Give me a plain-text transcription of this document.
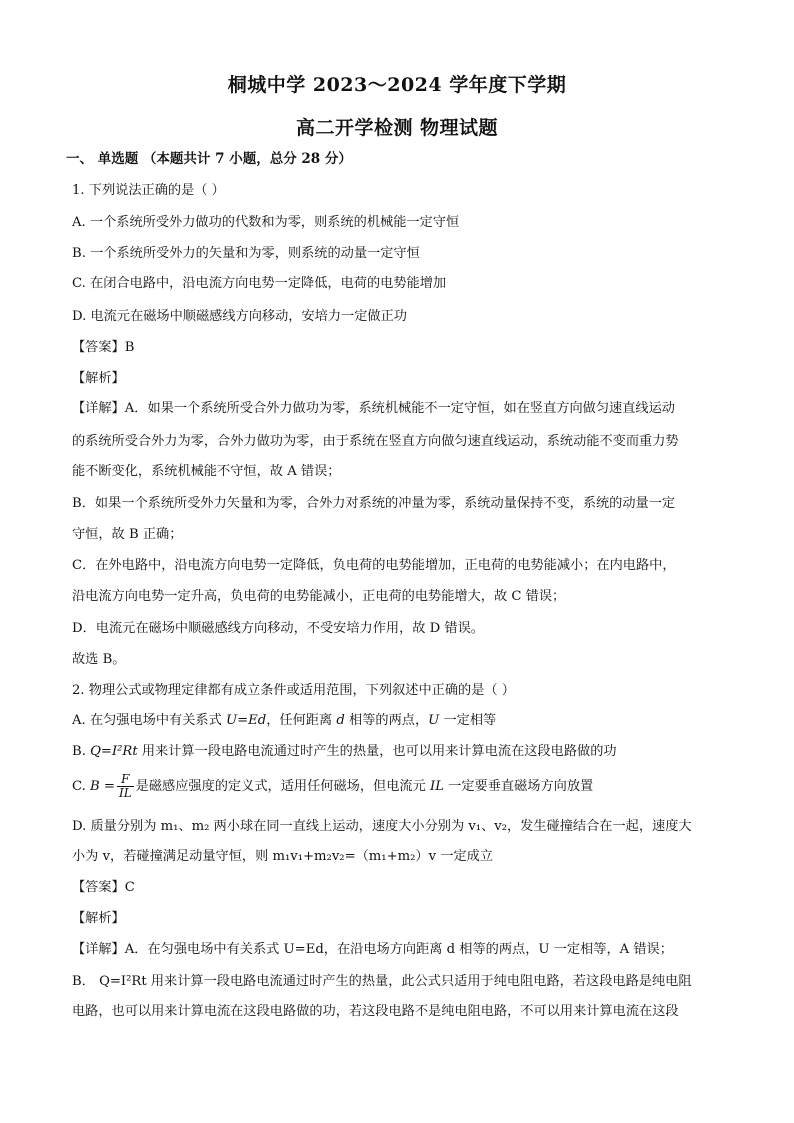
桐城中学 2023～2024 学年度下学期
高二开学检测 物理试题
一、 单选题 （本题共计 7 小题，总分 28 分）
1. 下列说法正确的是（ ）
A. 一个系统所受外力做功的代数和为零，则系统的机械能一定守恒
B. 一个系统所受外力的矢量和为零，则系统的动量一定守恒
C. 在闭合电路中，沿电流方向电势一定降低，电荷的电势能增加
D. 电流元在磁场中顺磁感线方向移动，安培力一定做正功
【答案】B
【解析】
【详解】A．如果一个系统所受合外力做功为零，系统机械能不一定守恒，如在竖直方向做匀速直线运动
的系统所受合外力为零，合外力做功为零，由于系统在竖直方向做匀速直线运动，系统动能不变而重力势
能不断变化，系统机械能不守恒，故 A 错误；
B．如果一个系统所受外力矢量和为零，合外力对系统的冲量为零，系统动量保持不变，系统的动量一定
守恒，故 B 正确；
C．在外电路中，沿电流方向电势一定降低，负电荷的电势能增加，正电荷的电势能减小；在内电路中，
沿电流方向电势一定升高，负电荷的电势能减小，正电荷的电势能增大，故 C 错误；
D．电流元在磁场中顺磁感线方向移动，不受安培力作用，故 D 错误。
故选 B。
2. 物理公式或物理定律都有成立条件或适用范围，下列叙述中正确的是（ ）
A. 在匀强电场中有关系式 U=Ed，任何距离 d 相等的两点，U 一定相等
B. Q=I²Rt 用来计算一段电路电流通过时产生的热量，也可以用来计算电流在这段电路做的功
C. $B = \frac{F}{IL}$ 是磁感应强度的定义式，适用任何磁场，但电流元 IL 一定要垂直磁场方向放置
D. 质量分别为 m₁、m₂ 两小球在同一直线上运动，速度大小分别为 v₁、v₂，发生碰撞结合在一起，速度大
小为 v，若碰撞满足动量守恒，则 m₁v₁+m₂v₂=（m₁+m₂）v 一定成立
【答案】C
【解析】
【详解】A．在匀强电场中有关系式 U=Ed，在沿电场方向距离 d 相等的两点，U 一定相等，A 错误；
B． Q=I²Rt 用来计算一段电路电流通过时产生的热量，此公式只适用于纯电阻电路，若这段电路是纯电阻
电路，也可以用来计算电流在这段电路做的功，若这段电路不是纯电阻电路，不可以用来计算电流在这段
